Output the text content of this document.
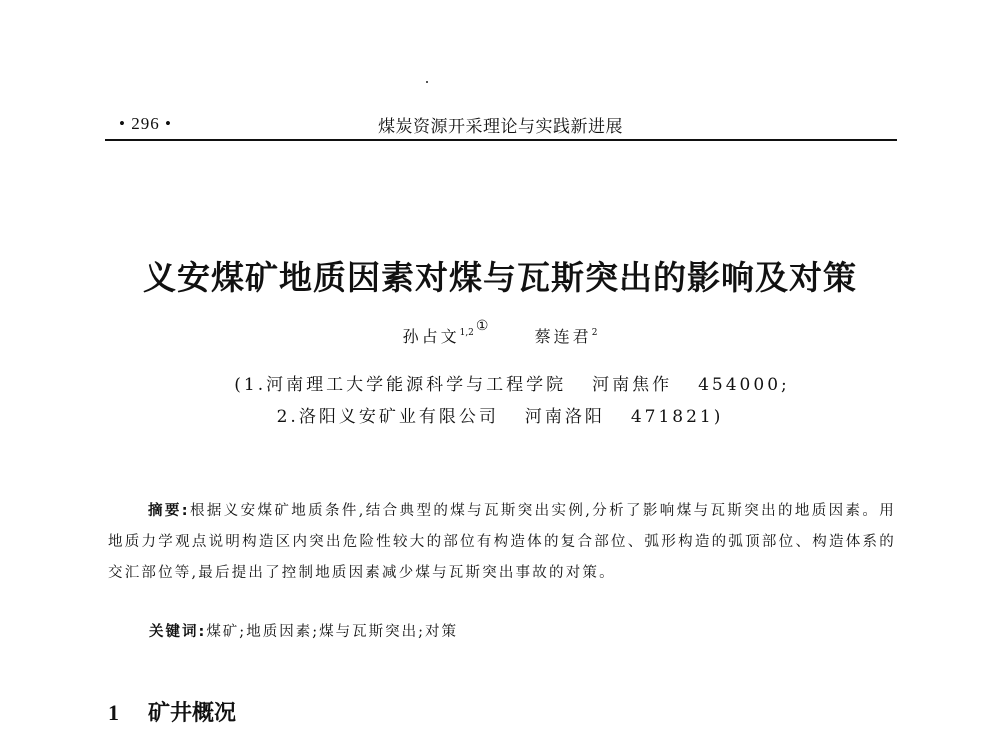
• 296 •	煤炭资源开采理论与实践新进展
义安煤矿地质因素对煤与瓦斯突出的影响及对策
孙占文$^{1,2}$ ①  蔡连君$^2$
(1.河南理工大学能源科学与工程学院 河南焦作 454000;
2.洛阳义安矿业有限公司 河南洛阳 471821)
摘要:根据义安煤矿地质条件,结合典型的煤与瓦斯突出实例,分析了影响煤与瓦斯突出的地质因素。用地质力学观点说明构造区内突出危险性较大的部位有构造体的复合部位、弧形构造的弧顶部位、构造体系的交汇部位等,最后提出了控制地质因素减少煤与瓦斯突出事故的对策。
关键词:煤矿;地质因素;煤与瓦斯突出;对策
1 矿井概况
